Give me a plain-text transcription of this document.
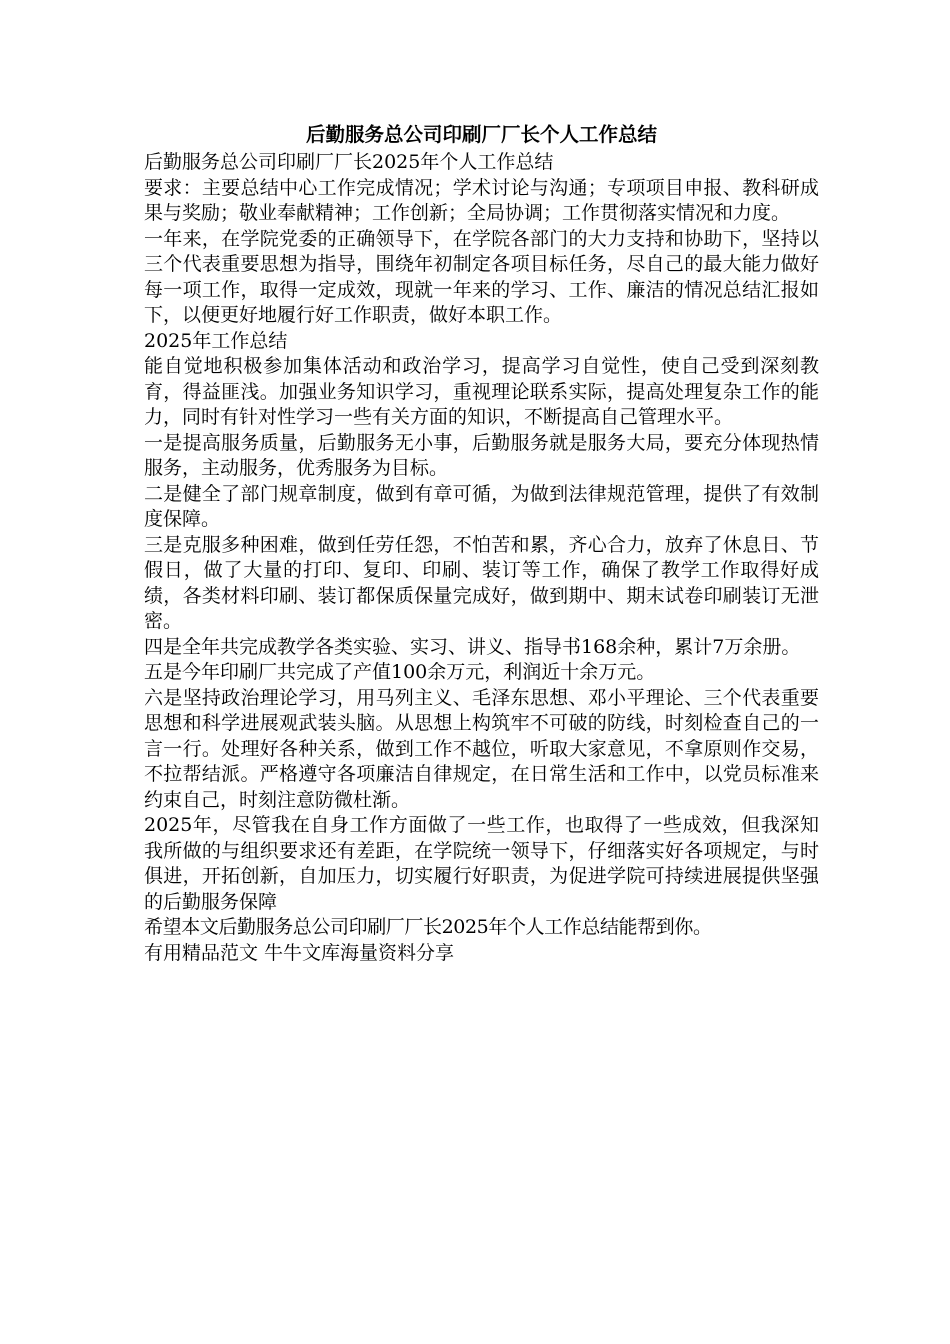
后勤服务总公司印刷厂厂长个人工作总结

后勤服务总公司印刷厂厂长2025年个人工作总结

要求：主要总结中心工作完成情况；学术讨论与沟通；专项项目申报、教科研成果与奖励；敬业奉献精神；工作创新；全局协调；工作贯彻落实情况和力度。

一年来，在学院党委的正确领导下，在学院各部门的大力支持和协助下，坚持以三个代表重要思想为指导，围绕年初制定各项目标任务，尽自己的最大能力做好每一项工作，取得一定成效，现就一年来的学习、工作、廉洁的情况总结汇报如下，以便更好地履行好工作职责，做好本职工作。

2025年工作总结

能自觉地积极参加集体活动和政治学习，提高学习自觉性，使自己受到深刻教育，得益匪浅。加强业务知识学习，重视理论联系实际，提高处理复杂工作的能力，同时有针对性学习一些有关方面的知识，不断提高自己管理水平。

一是提高服务质量，后勤服务无小事，后勤服务就是服务大局，要充分体现热情服务，主动服务，优秀服务为目标。

二是健全了部门规章制度，做到有章可循，为做到法律规范管理，提供了有效制度保障。

三是克服多种困难，做到任劳任怨，不怕苦和累，齐心合力，放弃了休息日、节假日，做了大量的打印、复印、印刷、装订等工作，确保了教学工作取得好成绩，各类材料印刷、装订都保质保量完成好，做到期中、期末试卷印刷装订无泄密。

四是全年共完成教学各类实验、实习、讲义、指导书168余种，累计7万余册。

五是今年印刷厂共完成了产值100余万元，利润近十余万元。

六是坚持政治理论学习，用马列主义、毛泽东思想、邓小平理论、三个代表重要思想和科学进展观武装头脑。从思想上构筑牢不可破的防线，时刻检查自己的一言一行。处理好各种关系，做到工作不越位，听取大家意见，不拿原则作交易，不拉帮结派。严格遵守各项廉洁自律规定，在日常生活和工作中，以党员标准来约束自己，时刻注意防微杜渐。

2025年，尽管我在自身工作方面做了一些工作，也取得了一些成效，但我深知我所做的与组织要求还有差距，在学院统一领导下，仔细落实好各项规定，与时俱进，开拓创新，自加压力，切实履行好职责，为促进学院可持续进展提供坚强的后勤服务保障

希望本文后勤服务总公司印刷厂厂长2025年个人工作总结能帮到你。

有用精品范文 牛牛文库海量资料分享
